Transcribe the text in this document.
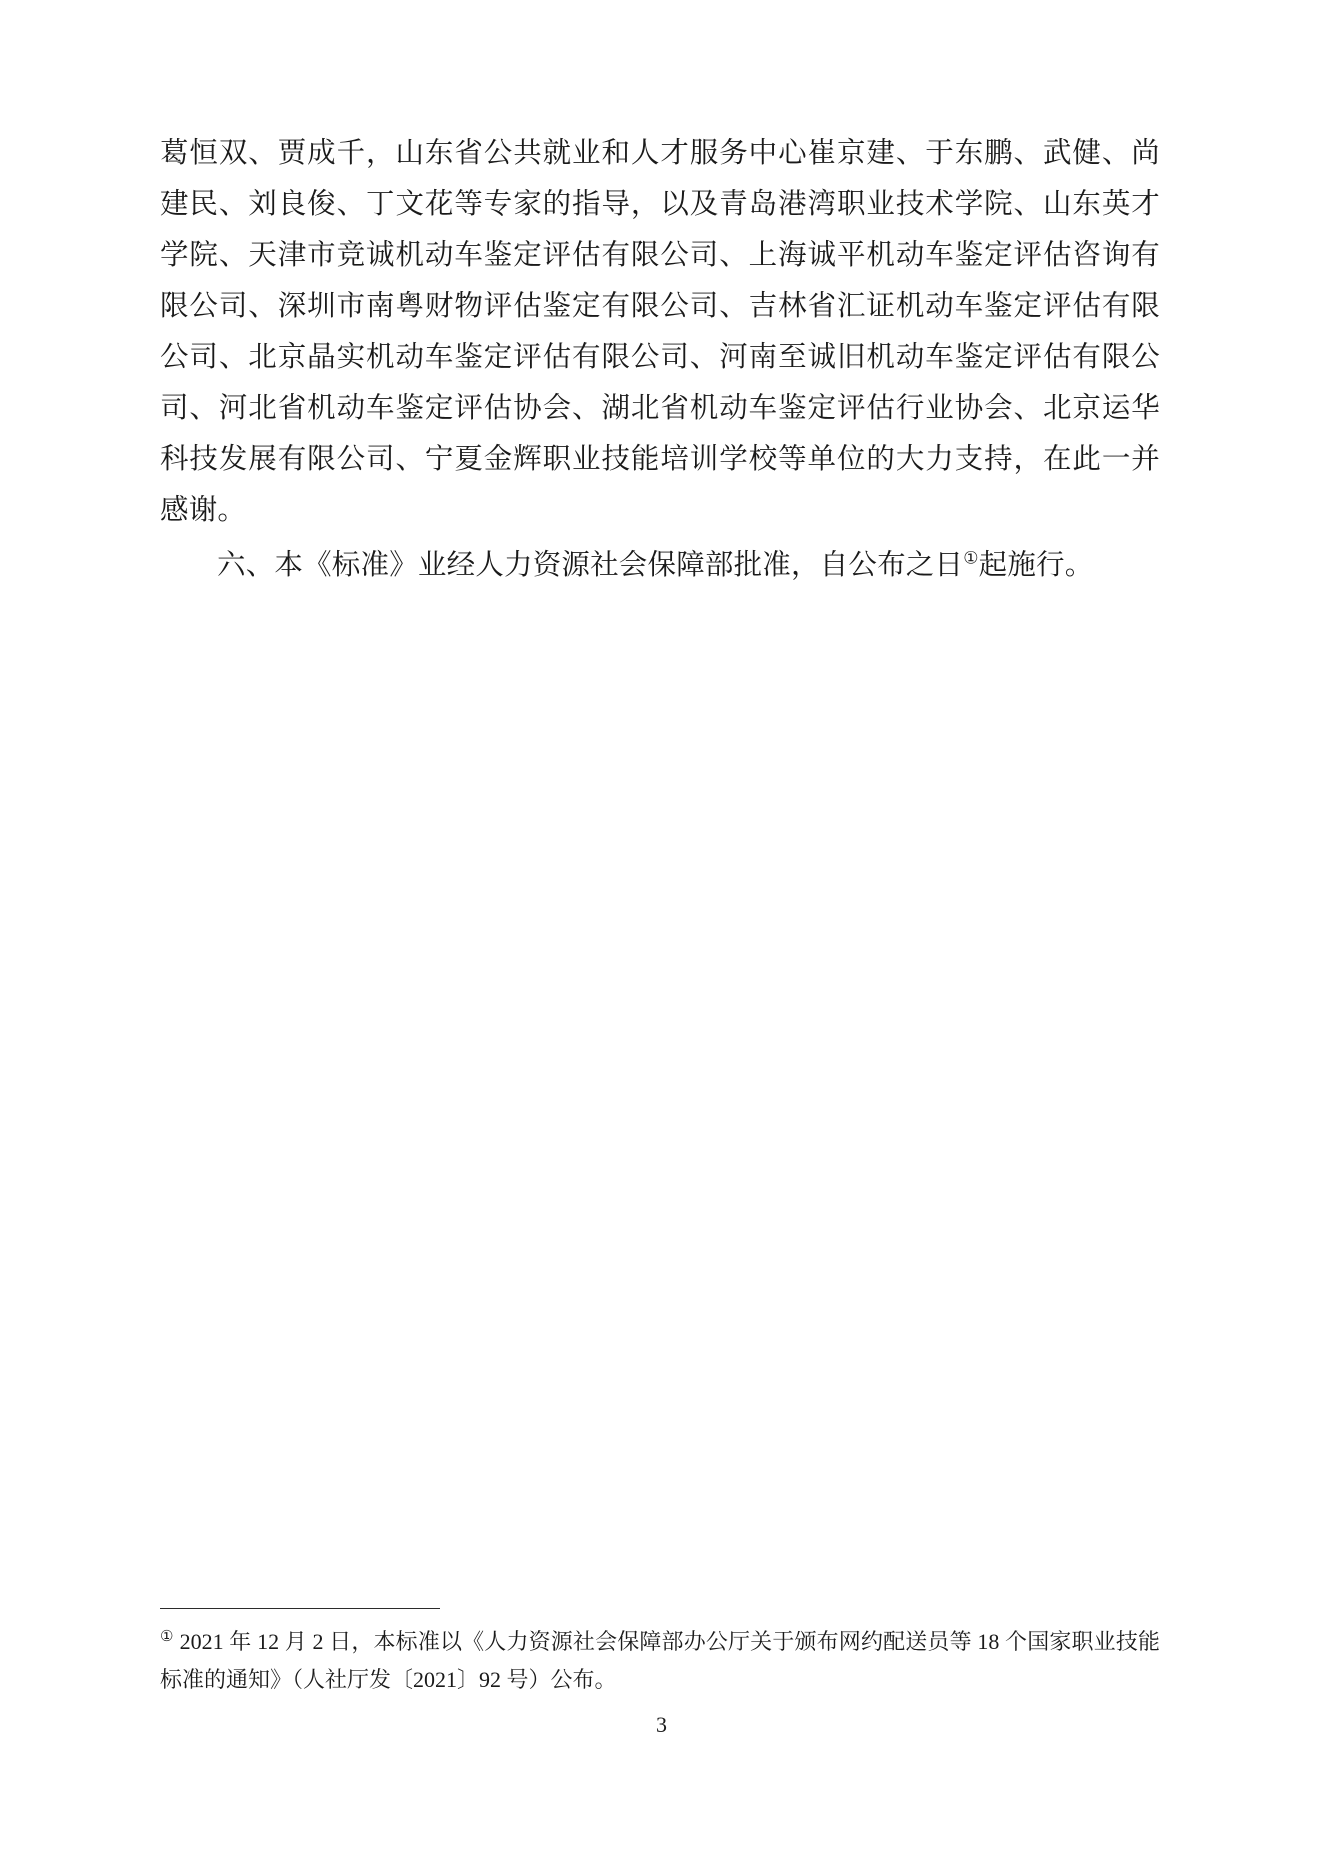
葛恒双、贾成千，山东省公共就业和人才服务中心崔京建、于东鹏、武健、尚建民、刘良俊、丁文花等专家的指导，以及青岛港湾职业技术学院、山东英才学院、天津市竞诚机动车鉴定评估有限公司、上海诚平机动车鉴定评估咨询有限公司、深圳市南粤财物评估鉴定有限公司、吉林省汇证机动车鉴定评估有限公司、北京晶实机动车鉴定评估有限公司、河南至诚旧机动车鉴定评估有限公司、河北省机动车鉴定评估协会、湖北省机动车鉴定评估行业协会、北京运华科技发展有限公司、宁夏金辉职业技能培训学校等单位的大力支持，在此一并感谢。

六、本《标准》业经人力资源社会保障部批准，自公布之日①起施行。

① 2021 年 12 月 2 日，本标准以《人力资源社会保障部办公厅关于颁布网约配送员等 18 个国家职业技能标准的通知》（人社厅发〔2021〕92 号）公布。

3
